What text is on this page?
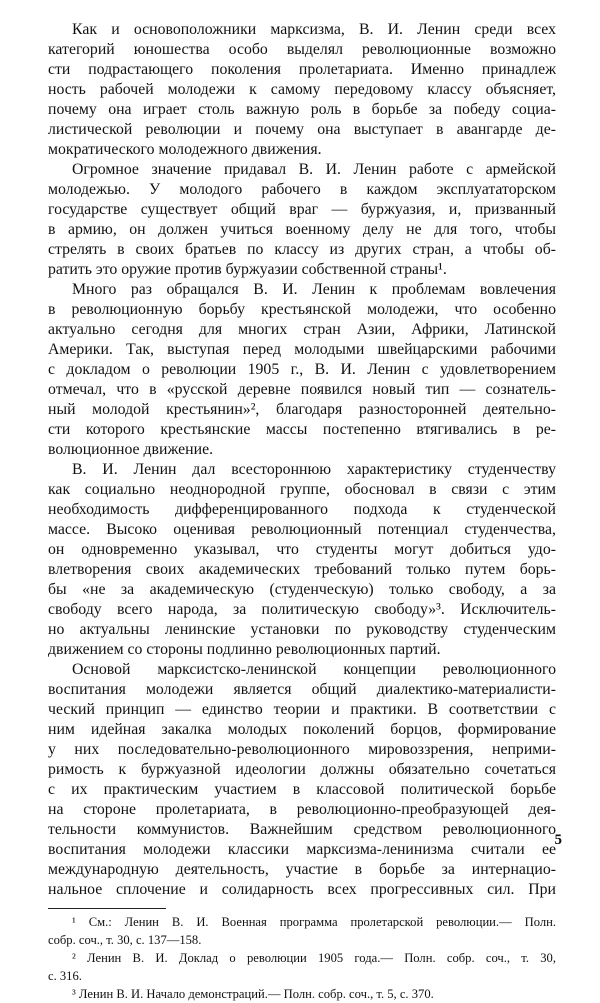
Как и основоположники марксизма, В. И. Ленин среди всех
категорий юношества особо выделял революционные возможно
сти подрастающего поколения пролетариата. Именно принадлеж
ность рабочей молодежи к самому передовому классу объясняет,
почему она играет столь важную роль в борьбе за победу социа-
листической революции и почему она выступает в авангарде де-
мократического молодежного движения.
Огромное значение придавал В. И. Ленин работе с армейской
молодежью. У молодого рабочего в каждом эксплуататорском
государстве существует общий враг — буржуазия, и, призванный
в армию, он должен учиться военному делу не для того, чтобы
стрелять в своих братьев по классу из других стран, а чтобы об-
ратить это оружие против буржуазии собственной страны¹.
Много раз обращался В. И. Ленин к проблемам вовлечения
в революционную борьбу крестьянской молодежи, что особенно
актуально сегодня для многих стран Азии, Африки, Латинской
Америки. Так, выступая перед молодыми швейцарскими рабочими
с докладом о революции 1905 г., В. И. Ленин с удовлетворением
отмечал, что в «русской деревне появился новый тип — сознатель-
ный молодой крестьянин»², благодаря разносторонней деятельно-
сти которого крестьянские массы постепенно втягивались в ре-
волюционное движение.
В. И. Ленин дал всестороннюю характеристику студенчеству
как социально неоднородной группе, обосновал в связи с этим
необходимость дифференцированного подхода к студенческой
массе. Высоко оценивая революционный потенциал студенчества,
он одновременно указывал, что студенты могут добиться удо-
влетворения своих академических требований только путем борь-
бы «не за академическую (студенческую) только свободу, а за
свободу всего народа, за политическую свободу»³. Исключитель-
но актуальны ленинские установки по руководству студенческим
движением со стороны подлинно революционных партий.
Основой марксистско-ленинской концепции революционного
воспитания молодежи является общий диалектико-материалисти-
ческий принцип — единство теории и практики. В соответствии с
ним идейная закалка молодых поколений борцов, формирование
у них последовательно-революционного мировоззрения, неприми-
римость к буржуазной идеологии должны обязательно сочетаться
с их практическим участием в классовой политической борьбе
на стороне пролетариата, в революционно-преобразующей дея-
тельности коммунистов. Важнейшим средством революционного
воспитания молодежи классики марксизма-ленинизма считали ее
международную деятельность, участие в борьбе за интернацио-
нальное сплочение и солидарность всех прогрессивных сил. При
¹ См.: Ленин В. И. Военная программа пролетарской революции.— Полн.
собр. соч., т. 30, с. 137—158.
² Ленин В. И. Доклад о революции 1905 года.— Полн. собр. соч., т. 30,
с. 316.
³ Ленин В. И. Начало демонстраций.— Полн. собр. соч., т. 5, с. 370.
5
